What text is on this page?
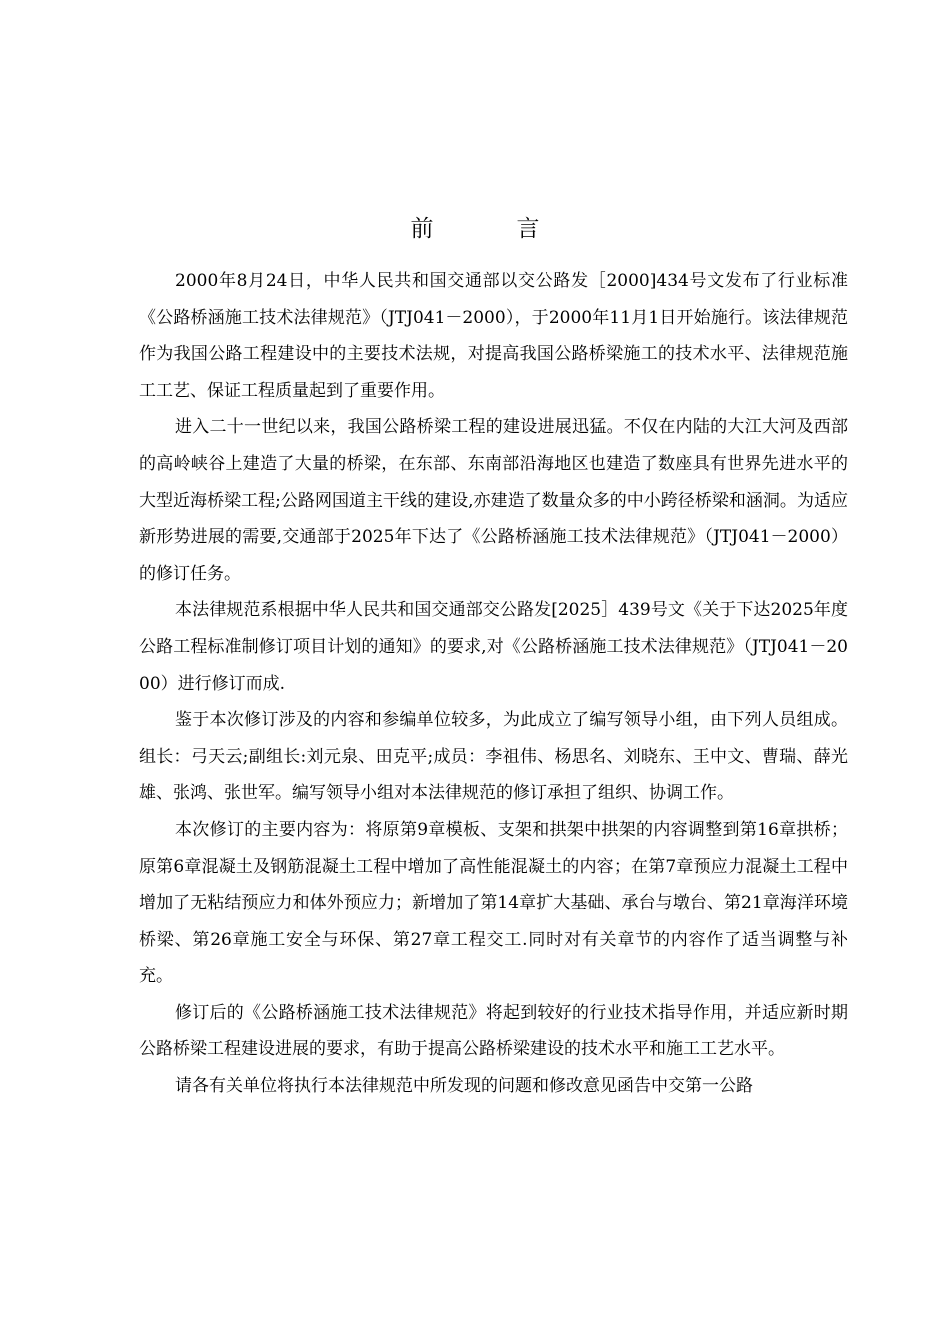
前　言

2000年8月24日，中华人民共和国交通部以交公路发［2000]434号文发布了行业标准《公路桥涵施工技术法律规范》（JTJ041－2000），于2000年11月1日开始施行。该法律规范作为我国公路工程建设中的主要技术法规，对提高我国公路桥梁施工的技术水平、法律规范施工工艺、保证工程质量起到了重要作用。

进入二十一世纪以来，我国公路桥梁工程的建设进展迅猛。不仅在内陆的大江大河及西部的高岭峡谷上建造了大量的桥梁，在东部、东南部沿海地区也建造了数座具有世界先进水平的大型近海桥梁工程;公路网国道主干线的建设,亦建造了数量众多的中小跨径桥梁和涵洞。为适应新形势进展的需要,交通部于2025年下达了《公路桥涵施工技术法律规范》（JTJ041－2000）的修订任务。

本法律规范系根据中华人民共和国交通部交公路发[2025］439号文《关于下达2025年度公路工程标准制修订项目计划的通知》的要求,对《公路桥涵施工技术法律规范》（JTJ041－2000）进行修订而成.

鉴于本次修订涉及的内容和参编单位较多，为此成立了编写领导小组，由下列人员组成。组长：弓天云;副组长:刘元泉、田克平;成员：李祖伟、杨思名、刘晓东、王中文、曹瑞、薛光雄、张鸿、张世军。编写领导小组对本法律规范的修订承担了组织、协调工作。

本次修订的主要内容为：将原第9章模板、支架和拱架中拱架的内容调整到第16章拱桥；原第6章混凝土及钢筋混凝土工程中增加了高性能混凝土的内容；在第7章预应力混凝土工程中增加了无粘结预应力和体外预应力；新增加了第14章扩大基础、承台与墩台、第21章海洋环境桥梁、第26章施工安全与环保、第27章工程交工.同时对有关章节的内容作了适当调整与补充。

修订后的《公路桥涵施工技术法律规范》将起到较好的行业技术指导作用，并适应新时期公路桥梁工程建设进展的要求，有助于提高公路桥梁建设的技术水平和施工工艺水平。

请各有关单位将执行本法律规范中所发现的问题和修改意见函告中交第一公路
